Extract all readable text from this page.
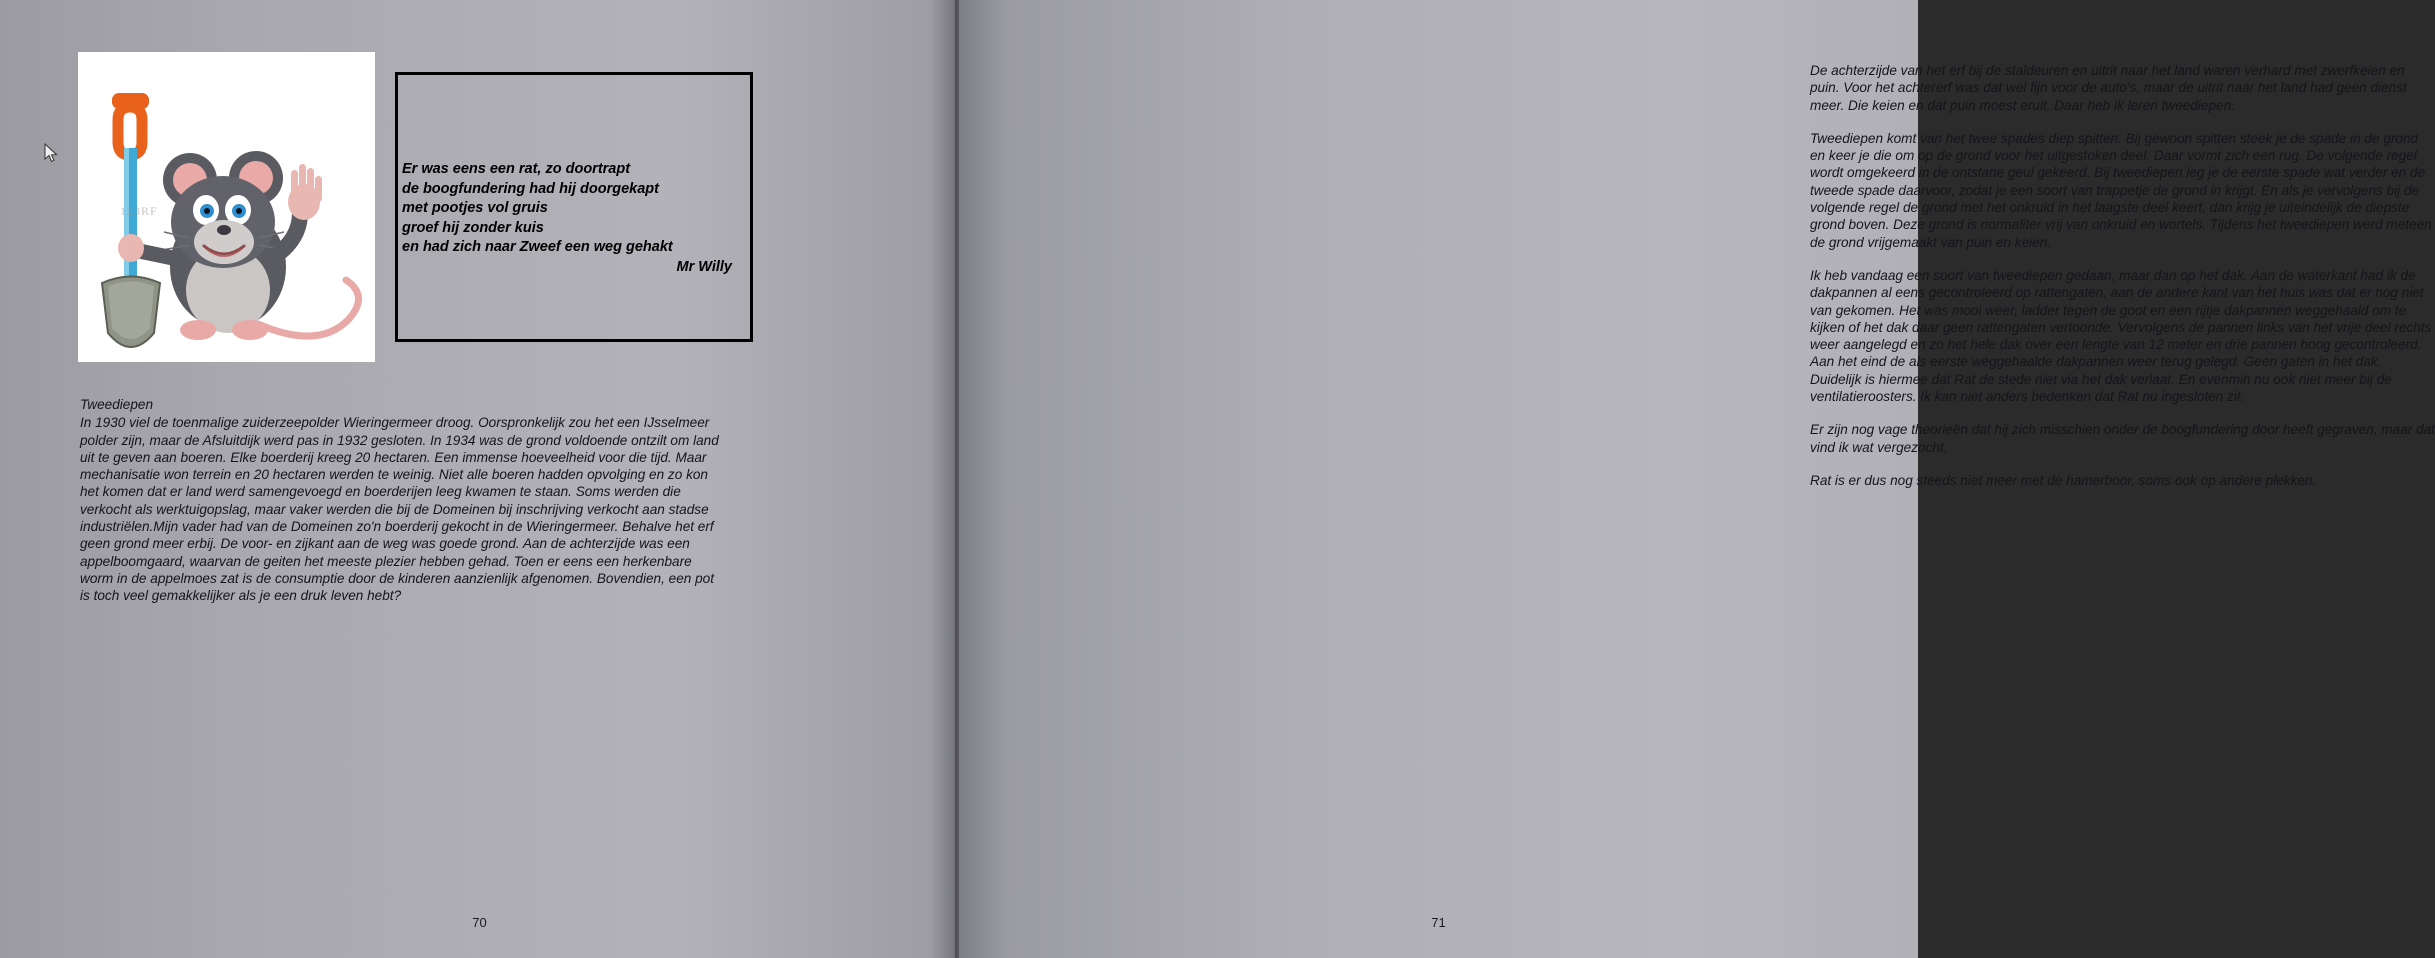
123RF
Er was eens een rat, zo doortrapt
de boogfundering had hij doorgekapt
met pootjes vol gruis
groef hij zonder kuis
en had zich naar Zweef een weg gehakt
Mr Willy

Tweediepen

In 1930 viel de toenmalige zuiderzeepolder Wieringermeer droog. Oorspronkelijk zou het een IJsselmeer polder zijn, maar de Afsluitdijk werd pas in 1932 gesloten. In 1934 was de grond voldoende ontzilt om land uit te geven aan boeren. Elke boerderij kreeg 20 hectaren. Een immense hoeveelheid voor die tijd. Maar mechanisatie won terrein en 20 hectaren werden te weinig. Niet alle boeren hadden opvolging en zo kon het komen dat er land werd samengevoegd en boerderijen leeg kwamen te staan. Soms werden die verkocht als werktuigopslag, maar vaker werden die bij de Domeinen bij inschrijving verkocht aan stadse industriëlen.Mijn vader had van de Domeinen zo'n boerderij gekocht in de Wieringermeer. Behalve het erf geen grond meer erbij. De voor- en zijkant aan de weg was goede grond. Aan de achterzijde was een appelboomgaard, waarvan de geiten het meeste plezier hebben gehad. Toen er eens een herkenbare worm in de appelmoes zat is de consumptie door de kinderen aanzienlijk afgenomen. Bovendien, een pot is toch veel gemakkelijker als je een druk leven hebt?

70

De achterzijde van het erf bij de staldeuren en uitrit naar het land waren verhard met zwerfkeien en puin. Voor het achtererf was dat wel fijn voor de auto's, maar de uitrit naar het land had geen dienst meer. Die keien en dat puin moest eruit. Daar heb ik leren tweediepen.

Tweediepen komt van het twee spades diep spitten. Bij gewoon spitten steek je de spade in de grond en keer je die om op de grond voor het uitgestoken deel. Daar vormt zich een rug. De volgende regel wordt omgekeerd in de ontstane geul gekeerd. Bij tweediepen leg je de eerste spade wat verder en de tweede spade daarvoor, zodat je een soort van trappetje de grond in krijgt. En als je vervolgens bij de volgende regel de grond met het onkruid in het laagste deel keert, dan krijg je uiteindelijk de diepste grond boven. Deze grond is normaliter vrij van onkruid en wortels. Tijdens het tweediepen werd meteen de grond vrijgemaakt van puin en keien.

Ik heb vandaag een soort van tweediepen gedaan, maar dan op het dak. Aan de waterkant had ik de dakpannen al eens gecontroleerd op rattengaten, aan de andere kant van het huis was dat er nog niet van gekomen. Het was mooi weer, ladder tegen de goot en een rijtje dakpannen weggehaald om te kijken of het dak daar geen rattengaten vertoonde. Vervolgens de pannen links van het vrije deel rechts weer aangelegd en zo het hele dak over een lengte van 12 meter en drie pannen hoog gecontroleerd. Aan het eind de als eerste weggehaalde dakpannen weer terug gelegd. Geen gaten in het dak. Duidelijk is hiermee dat Rat de stede niet via het dak verlaat. En evenmin nu ook niet meer bij de ventilatieroosters. Ik kan niet anders bedenken dat Rat nu ingesloten zit.

Er zijn nog vage theorieën dat hij zich misschien onder de boogfundering door heeft gegraven, maar dat vind ik wat vergezocht.

Rat is er dus nog steeds niet meer met de hamerboor, soms ook op andere plekken.

71
